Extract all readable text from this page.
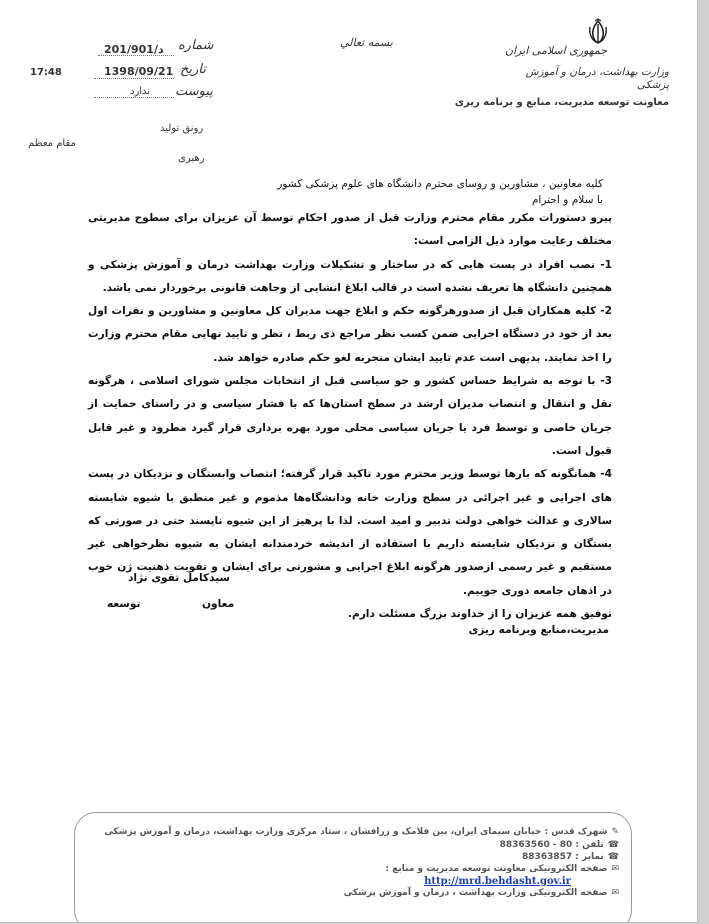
جمهوری اسلامی ایران
وزارت بهداشت، درمان و آموزش پزشکی
معاونت توسعه مديريت، منابع و برنامه ريزی
بسمه تعالي
شماره
201/901/د
تاریخ
1398/09/21
پیوست
ندارد
17:48
رونق تولید
مقام معظم
رهبری
کلیه معاونین ، مشاورین و روسای محترم دانشگاه های علوم پزشکی کشور
با سلام و احترام

پیرو دستورات مکرر مقام محترم وزارت قبل از صدور احکام توسط آن عزیزان برای سطوح مدیریتی مختلف رعایت موارد ذیل الزامی است:

1- نصب افراد در پست هایی که در ساختار و تشکیلات وزارت بهداشت درمان و آموزش پزشکی و همچنین دانشگاه ها تعریف نشده است در قالب ابلاغ انشایی از وجاهت قانونی برخوردار نمی باشد.

2- کلیه همکاران قبل از صدورهرگونه حکم و ابلاغ جهت مدیران کل معاونین و مشاورین و نفرات اول بعد از خود در دستگاه اجرایی ضمن کسب نظر مراجع ذی ربط ، نظر و تایید نهایی مقام محترم وزارت را اخذ نمایند. بدیهی است عدم تایید ایشان منجربه لغو حکم صادره خواهد شد.

3- با توجه به شرایط حساس کشور و جو سیاسی قبل از انتخابات مجلس شورای اسلامی ، هرگونه نقل و انتقال و انتصاب مدیران ارشد در سطح استان‌ها که با فشار سیاسی و در راستای حمایت از جریان خاصی و توسط فرد یا جریان سیاسی محلی مورد بهره برداری قرار گیرد مطرود و غیر قابل قبول است.

4- همانگونه که بارها توسط وزیر محترم مورد تاکید قرار گرفته؛ انتصاب وابستگان و نزدیکان در پست های اجرایی و غیر اجرائی در سطح وزارت خانه ودانشگاه‌ها مذموم و غیر منطبق با شیوه شایسته سالاری و عدالت خواهی دولت تدبیر و امید است. لذا با پرهیز از این شیوه ناپسند حتی در صورتی که بستگان و نزدیکان شایسته داریم با استفاده از اندیشه خردمندانه ایشان به شیوه نظرخواهی غیر مستقیم و غیر رسمی ازصدور هرگونه ابلاغ اجرایی و مشورتی برای ایشان و تقویت ذهنیت ژن خوب در اذهان جامعه دوری جوییم.

توفیق همه عزیزان را از خداوند بزرگ مسئلت دارم.

سیدکامل تقوی نژاد
معاون
توسعه
مدیریت،منابع وبرنامه ریزی
✎شهرک قدس : خیابان سیمای ایران، بین فلامک و زرافشان ، ستاد مرکزی وزارت بهداشت، درمان و آموزش پزشکی
☎تلفن : 80 - 88363560
☎نمابر : 88363857
✉صفحه الکترونیکی معاونت توسعه مدیریت و منابع :
http://mrd.behdasht.gov.ir
✉صفحه الکترونیکی وزارت بهداشت ، درمان و آموزش پزشکی
